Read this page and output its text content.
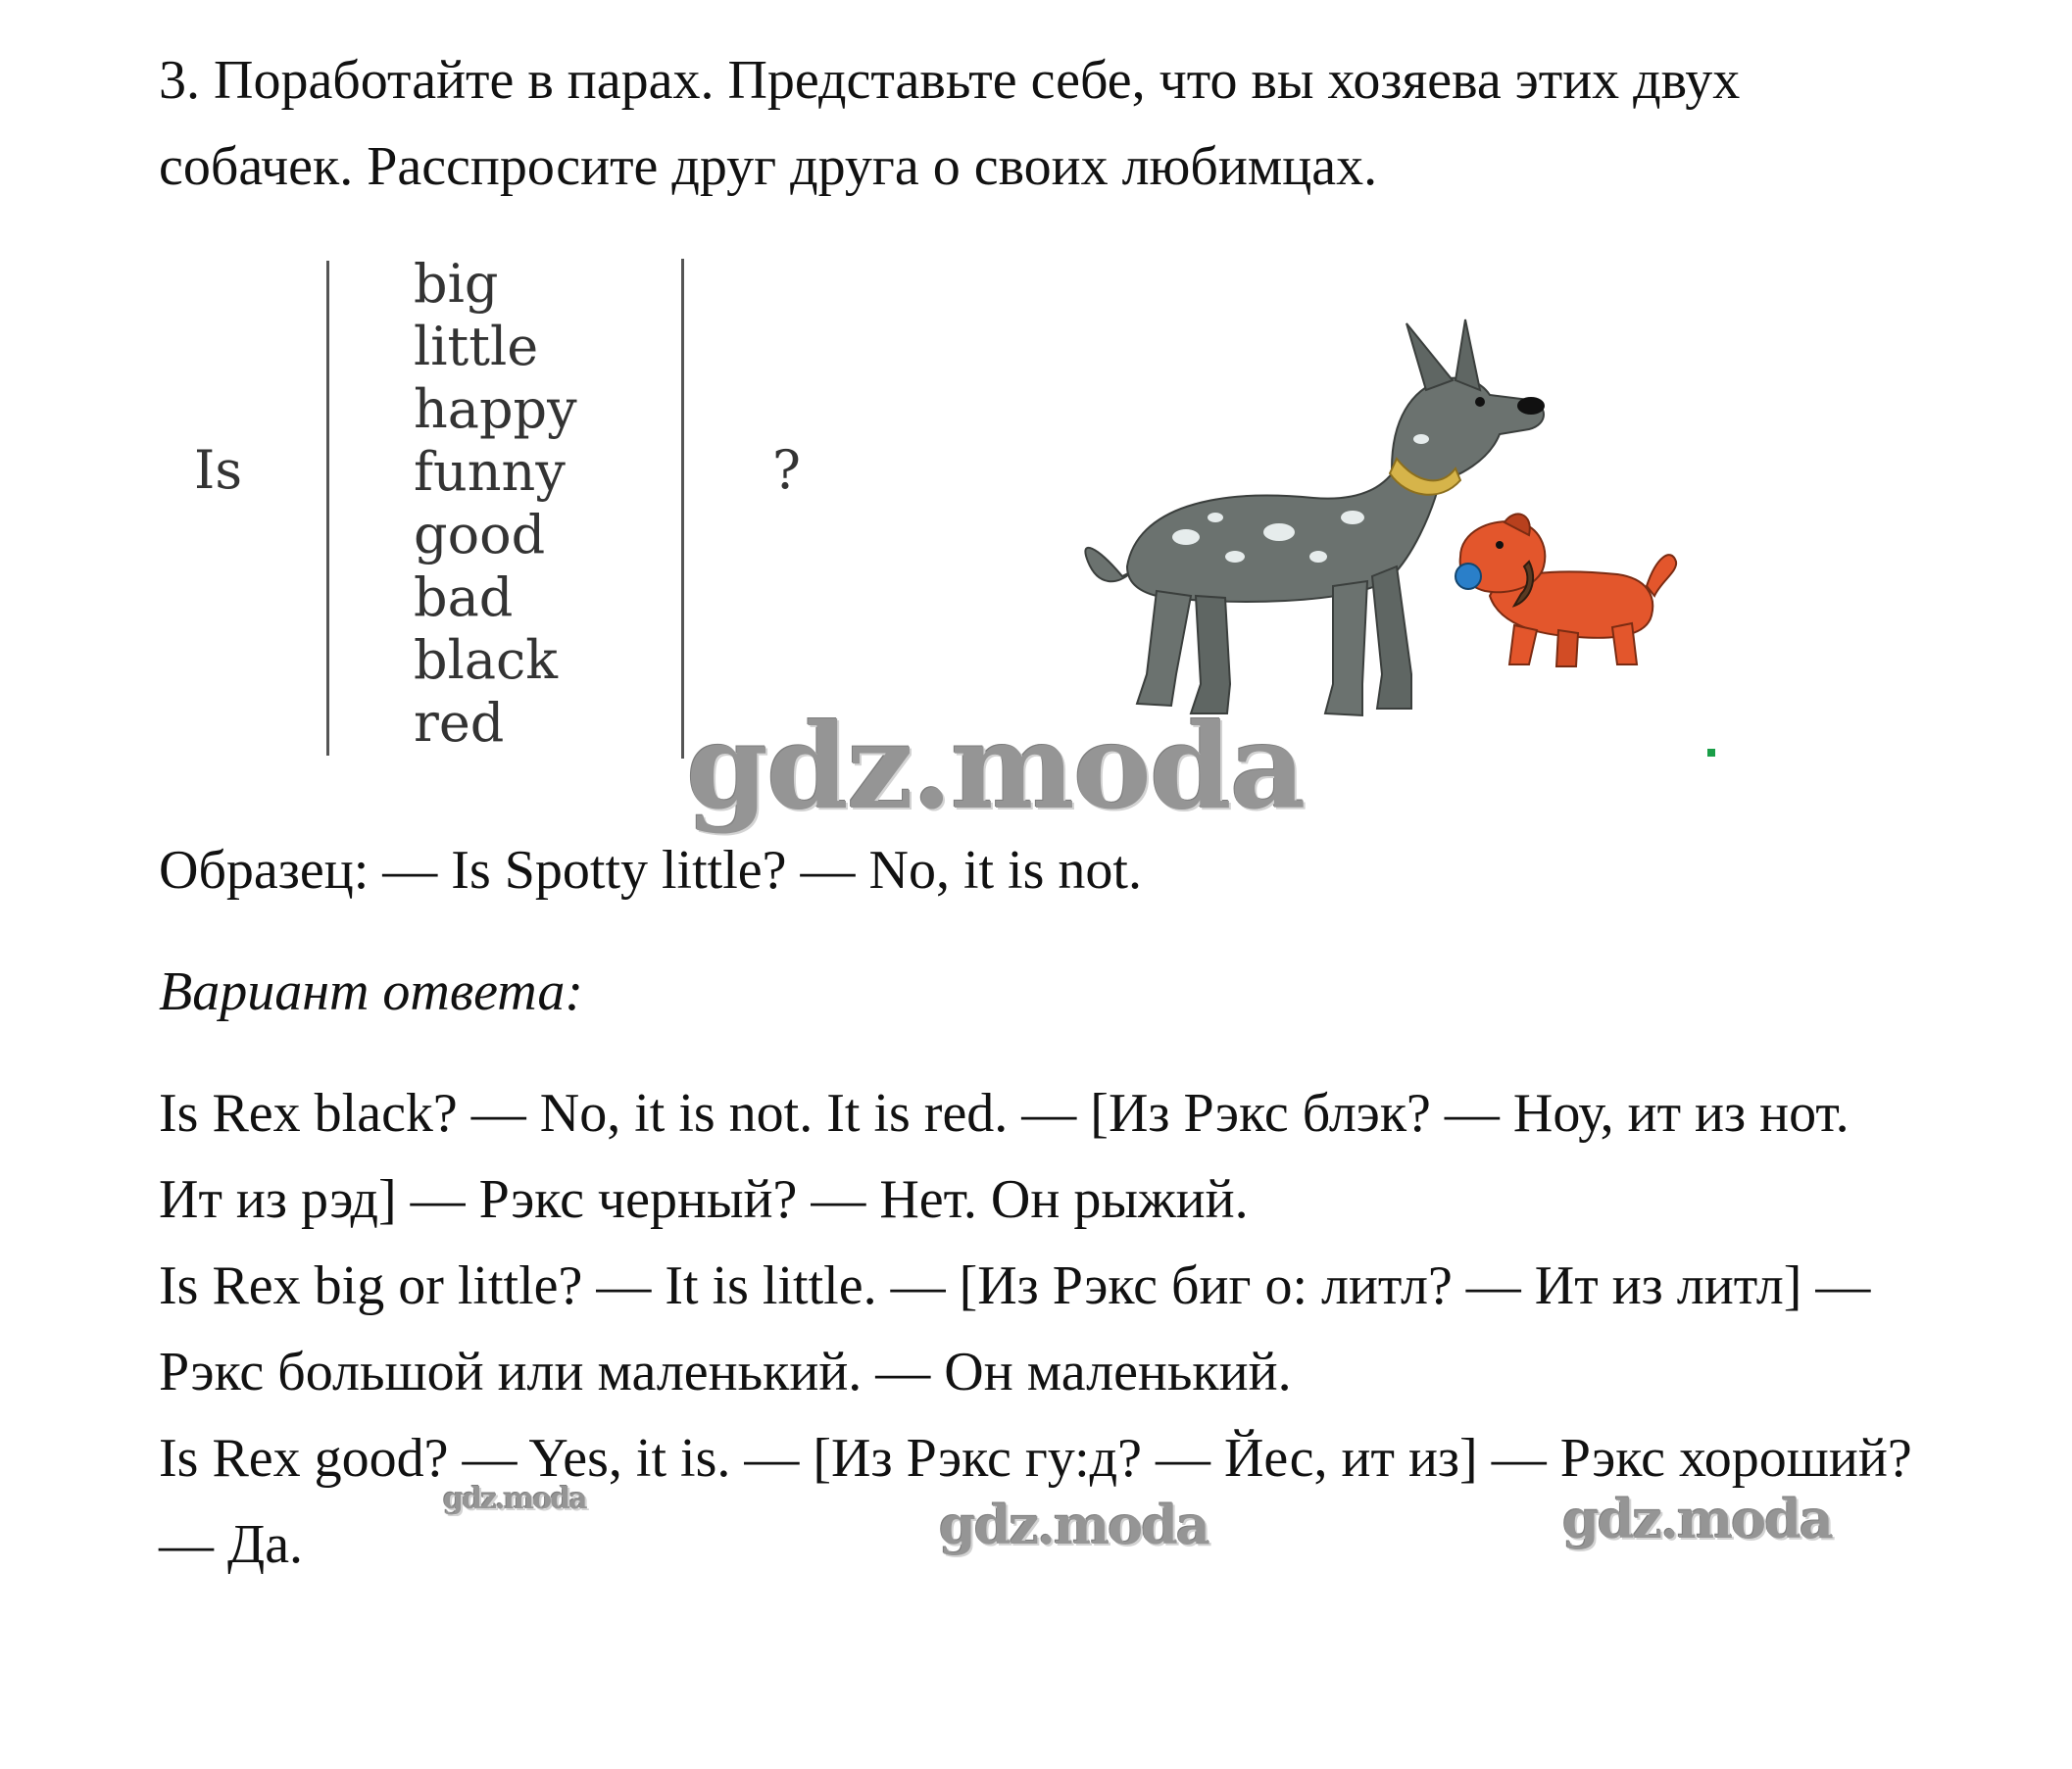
3. Поработайте в парах. Представьте себе, что вы хозяева этих двух собачек. Расспросите друг друга о своих любимцах.
Is
big
little
happy
funny
good
bad
black
red
?
gdz.moda
Образец: — Is Spotty little? — No, it is not.
Вариант ответа:

Is Rex black? — No, it is not. It is red. — [Из Рэкс блэк? — Ноу, ит из нот. Ит из рэд] — Рэкс черный? — Нет. Он рыжий.

Is Rex big or little? — It is little. — [Из Рэкс биг о: литл? — Ит из литл] — Рэкс большой или маленький. — Он маленький.

Is Rex good? — Yes, it is. — [Из Рэкс гу:д? — Йес, ит из] — Рэкс хороший? — Да.

gdz.moda	gdz.moda	gdz.moda
